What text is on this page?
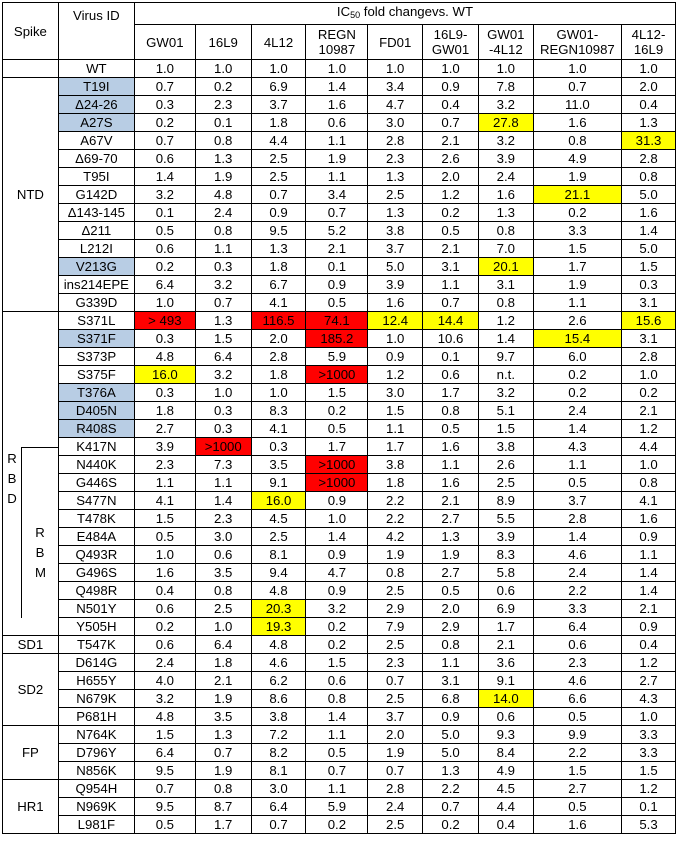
Spike	Virus ID	$IC_{50}$ fold changevs. WT								
		GW01	16L9	4L12	REGN 10987	FD01	16L9- GW01	GW01 -4L12	GW01- REGN10987	4L12- 16L9
	WT	1.0	1.0	1.0	1.0	1.0	1.0	1.0	1.0	1.0
NTD	T19I	0.7	0.2	6.9	1.4	3.4	0.9	7.8	0.7	2.0
	Δ24-26	0.3	2.3	3.7	1.6	4.7	0.4	3.2	11.0	0.4
	A27S	0.2	0.1	1.8	0.6	3.0	0.7	27.8	1.6	1.3
	A67V	0.7	0.8	4.4	1.1	2.8	2.1	3.2	0.8	31.3
	Δ69-70	0.6	1.3	2.5	1.9	2.3	2.6	3.9	4.9	2.8
	T95I	1.4	1.9	2.5	1.1	1.3	2.0	2.4	1.9	0.8
	G142D	3.2	4.8	0.7	3.4	2.5	1.2	1.6	21.1	5.0
	Δ143-145	0.1	2.4	0.9	0.7	1.3	0.2	1.3	0.2	1.6
	Δ211	0.5	0.8	9.5	5.2	3.8	0.5	0.8	3.3	1.4
	L212I	0.6	1.1	1.3	2.1	3.7	2.1	7.0	1.5	5.0
	V213G	0.2	0.3	1.8	0.1	5.0	3.1	20.1	1.7	1.5
	ins214EPE	6.4	3.2	6.7	0.9	3.9	1.1	3.1	1.9	0.3
	G339D	1.0	0.7	4.1	0.5	1.6	0.7	0.8	1.1	3.1

RBD
RBM	S371L	> 493	1.3	116.5	74.1	12.4	14.4	1.2	2.6	15.6
	S371F	0.3	1.5	2.0	185.2	1.0	10.6	1.4	15.4	3.1
	S373P	4.8	6.4	2.8	5.9	0.9	0.1	9.7	6.0	2.8
	S375F	16.0	3.2	1.8	>1000	1.2	0.6	n.t.	0.2	1.0
	T376A	0.3	1.0	1.0	1.5	3.0	1.7	3.2	0.2	0.2
	D405N	1.8	0.3	8.3	0.2	1.5	0.8	5.1	2.4	2.1
	R408S	2.7	0.3	4.1	0.5	1.1	0.5	1.5	1.4	1.2
	K417N	3.9	>1000	0.3	1.7	1.7	1.6	3.8	4.3	4.4
	N440K	2.3	7.3	3.5	>1000	3.8	1.1	2.6	1.1	1.0
	G446S	1.1	1.1	9.1	>1000	1.8	1.6	2.5	0.5	0.8
	S477N	4.1	1.4	16.0	0.9	2.2	2.1	8.9	3.7	4.1
	T478K	1.5	2.3	4.5	1.0	2.2	2.7	5.5	2.8	1.6
	E484A	0.5	3.0	2.5	1.4	4.2	1.3	3.9	1.4	0.9
	Q493R	1.0	0.6	8.1	0.9	1.9	1.9	8.3	4.6	1.1
	G496S	1.6	3.5	9.4	4.7	0.8	2.7	5.8	2.4	1.4
	Q498R	0.4	0.8	4.8	0.9	2.5	0.5	0.6	2.2	1.4
	N501Y	0.6	2.5	20.3	3.2	2.9	2.0	6.9	3.3	2.1
	Y505H	0.2	1.0	19.3	0.2	7.9	2.9	1.7	6.4	0.9
SD1	T547K	0.6	6.4	4.8	0.2	2.5	0.8	2.1	0.6	0.4
SD2	D614G	2.4	1.8	4.6	1.5	2.3	1.1	3.6	2.3	1.2
	H655Y	4.0	2.1	6.2	0.6	0.7	3.1	9.1	4.6	2.7
	N679K	3.2	1.9	8.6	0.8	2.5	6.8	14.0	6.6	4.3
	P681H	4.8	3.5	3.8	1.4	3.7	0.9	0.6	0.5	1.0
FP	N764K	1.5	1.3	7.2	1.1	2.0	5.0	9.3	9.9	3.3
	D796Y	6.4	0.7	8.2	0.5	1.9	5.0	8.4	2.2	3.3
	N856K	9.5	1.9	8.1	0.7	0.7	1.3	4.9	1.5	1.5
HR1	Q954H	0.7	0.8	3.0	1.1	2.8	2.2	4.5	2.7	1.2
	N969K	9.5	8.7	6.4	5.9	2.4	0.7	4.4	0.5	0.1
	L981F	0.5	1.7	0.7	0.2	2.5	0.2	0.4	1.6	5.3
